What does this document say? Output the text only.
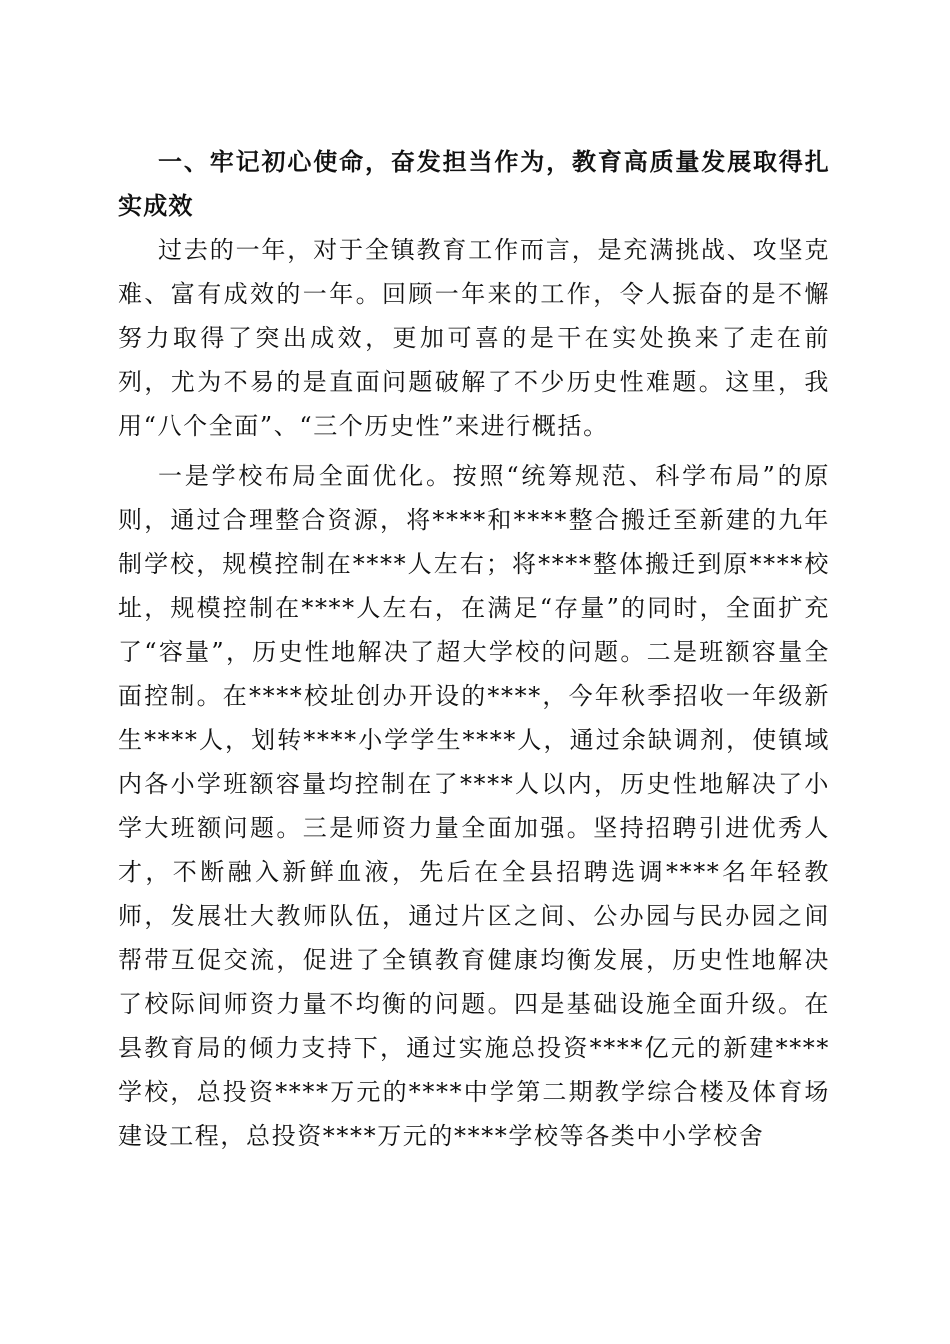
一、牢记初心使命，奋发担当作为，教育高质量发展取得扎实成效

过去的一年，对于全镇教育工作而言，是充满挑战、攻坚克难、富有成效的一年。回顾一年来的工作，令人振奋的是不懈努力取得了突出成效，更加可喜的是干在实处换来了走在前列，尤为不易的是直面问题破解了不少历史性难题。这里，我用“八个全面”、“三个历史性”来进行概括。

一是学校布局全面优化。按照“统筹规范、科学布局”的原则，通过合理整合资源，将****和****整合搬迁至新建的九年制学校，规模控制在****人左右；将****整体搬迁到原****校址，规模控制在****人左右，在满足“存量”的同时，全面扩充了“容量”，历史性地解决了超大学校的问题。二是班额容量全面控制。在****校址创办开设的****，今年秋季招收一年级新生****人，划转****小学学生****人，通过余缺调剂，使镇域内各小学班额容量均控制在了****人以内，历史性地解决了小学大班额问题。三是师资力量全面加强。坚持招聘引进优秀人才，不断融入新鲜血液，先后在全县招聘选调****名年轻教师，发展壮大教师队伍，通过片区之间、公办园与民办园之间帮带互促交流，促进了全镇教育健康均衡发展，历史性地解决了校际间师资力量不均衡的问题。四是基础设施全面升级。在县教育局的倾力支持下，通过实施总投资****亿元的新建****学校，总投资****万元的****中学第二期教学综合楼及体育场建设工程，总投资****万元的****学校等各类中小学校舍
